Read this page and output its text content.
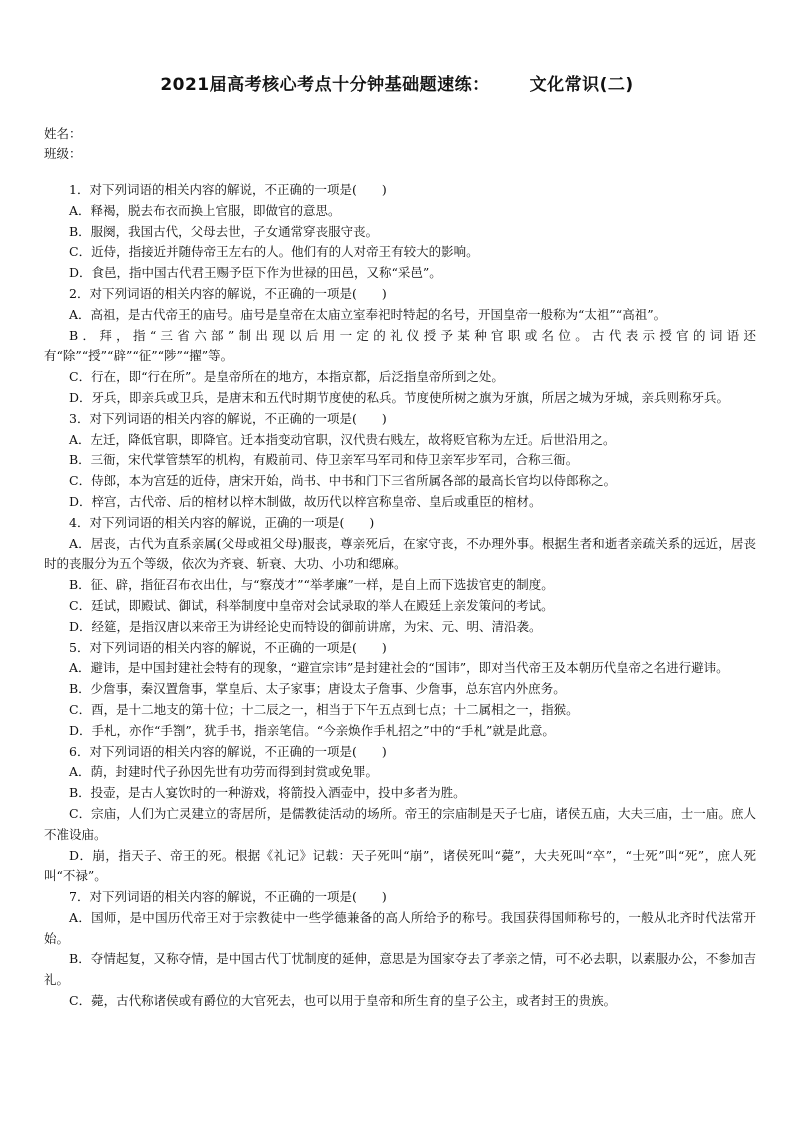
2021届高考核心考点十分钟基础题速练： 文化常识(二)
姓名：
班级：

1．对下列词语的相关内容的解说，不正确的一项是(　　)

A．释褐，脱去布衣而换上官服，即做官的意思。

B．服阕，我国古代，父母去世，子女通常穿丧服守丧。

C．近侍，指接近并随侍帝王左右的人。他们有的人对帝王有较大的影响。

D．食邑，指中国古代君王赐予臣下作为世禄的田邑，又称“采邑”。

2．对下列词语的相关内容的解说，不正确的一项是(　　)

A．高祖，是古代帝王的庙号。庙号是皇帝在太庙立室奉祀时特起的名号，开国皇帝一般称为“太祖”“高祖”。

B．拜，指“三省六部”制出现以后用一定的礼仪授予某种官职或名位。古代表示授官的词语还有“除”“授”“辟”“征”“陟”“擢”等。

C．行在，即“行在所”。是皇帝所在的地方，本指京都，后泛指皇帝所到之处。

D．牙兵，即亲兵或卫兵，是唐末和五代时期节度使的私兵。节度使所树之旗为牙旗，所居之城为牙城，亲兵则称牙兵。

3．对下列词语的相关内容的解说，不正确的一项是(　　)

A．左迁，降低官职，即降官。迁本指变动官职，汉代贵右贱左，故将贬官称为左迁。后世沿用之。

B．三衙，宋代掌管禁军的机构，有殿前司、侍卫亲军马军司和侍卫亲军步军司，合称三衙。

C．侍郎，本为宫廷的近侍，唐宋开始，尚书、中书和门下三省所属各部的最高长官均以侍郎称之。

D．梓宫，古代帝、后的棺材以梓木制做，故历代以梓宫称皇帝、皇后或重臣的棺材。

4．对下列词语的相关内容的解说，正确的一项是(　　)

A．居丧，古代为直系亲属(父母或祖父母)服丧，尊亲死后，在家守丧，不办理外事。根据生者和逝者亲疏关系的远近，居丧时的丧服分为五个等级，依次为齐衰、斩衰、大功、小功和缌麻。

B．征、辟，指征召布衣出仕，与“察茂才”“举孝廉”一样，是自上而下选拔官吏的制度。

C．廷试，即殿试、御试，科举制度中皇帝对会试录取的举人在殿廷上亲发策问的考试。

D．经筵，是指汉唐以来帝王为讲经论史而特设的御前讲席，为宋、元、明、清沿袭。

5．对下列词语的相关内容的解说，不正确的一项是(　　)

A．避讳，是中国封建社会特有的现象，“避宣宗讳”是封建社会的“国讳”，即对当代帝王及本朝历代皇帝之名进行避讳。

B．少詹事，秦汉置詹事，掌皇后、太子家事；唐设太子詹事、少詹事，总东宫内外庶务。

C．酉，是十二地支的第十位；十二辰之一，相当于下午五点到七点；十二属相之一，指猴。

D．手札，亦作“手劄”，犹手书，指亲笔信。“今亲焕作手札招之”中的“手札”就是此意。

6．对下列词语的相关内容的解说，不正确的一项是(　　)

A．荫，封建时代子孙因先世有功劳而得到封赏或免罪。

B．投壶，是古人宴饮时的一种游戏，将箭投入酒壶中，投中多者为胜。

C．宗庙，人们为亡灵建立的寄居所，是儒教徒活动的场所。帝王的宗庙制是天子七庙，诸侯五庙，大夫三庙，士一庙。庶人不准设庙。

D．崩，指天子、帝王的死。根据《礼记》记载：天子死叫“崩”，诸侯死叫“薨”，大夫死叫“卒”，“士死”叫“死”，庶人死叫“不禄”。

7．对下列词语的相关内容的解说，不正确的一项是(　　)

A．国师，是中国历代帝王对于宗教徒中一些学德兼备的高人所给予的称号。我国获得国师称号的，一般从北齐时代法常开始。

B．夺情起复，又称夺情，是中国古代丁忧制度的延伸，意思是为国家夺去了孝亲之情，可不必去职，以素服办公，不参加吉礼。

C．薨，古代称诸侯或有爵位的大官死去，也可以用于皇帝和所生育的皇子公主，或者封王的贵族。
